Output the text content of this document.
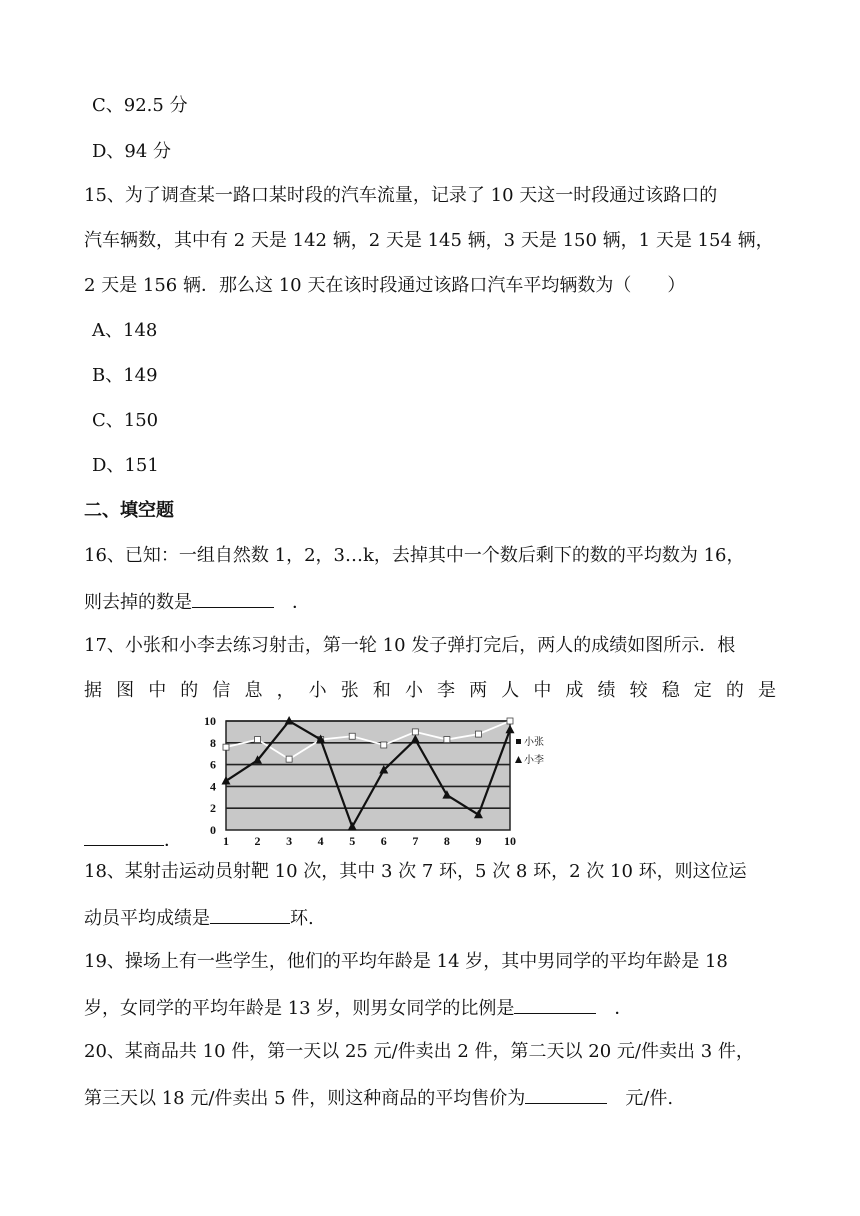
C、92.5 分
D、94 分
15、为了调查某一路口某时段的汽车流量，记录了 10 天这一时段通过该路口的
汽车辆数，其中有 2 天是 142 辆，2 天是 145 辆，3 天是 150 辆，1 天是 154 辆，
2 天是 156 辆．那么这 10 天在该时段通过该路口汽车平均辆数为（　　）
A、148
B、149
C、150
D、151
二、填空题
16、已知：一组自然数 1，2，3…k，去掉其中一个数后剩下的数的平均数为 16，
则去掉的数是	．
17、小张和小李去练习射击，第一轮 10 发子弹打完后，两人的成绩如图所示．根
据 图 中 的 信 息 ， 小 张 和 小 李 两 人 中 成 绩 较 稳 定 的 是
0
2
4
6
8
10
1 2 3 4 5 6 7 8 9 10
小张
小李
．
18、某射击运动员射靶 10 次，其中 3 次 7 环，5 次 8 环，2 次 10 环，则这位运
动员平均成绩是	环.
19、操场上有一些学生，他们的平均年龄是 14 岁，其中男同学的平均年龄是 18
岁，女同学的平均年龄是 13 岁，则男女同学的比例是	．
20、某商品共 10 件，第一天以 25 元/件卖出 2 件，第二天以 20 元/件卖出 3 件，
第三天以 18 元/件卖出 5 件，则这种商品的平均售价为	元/件.
